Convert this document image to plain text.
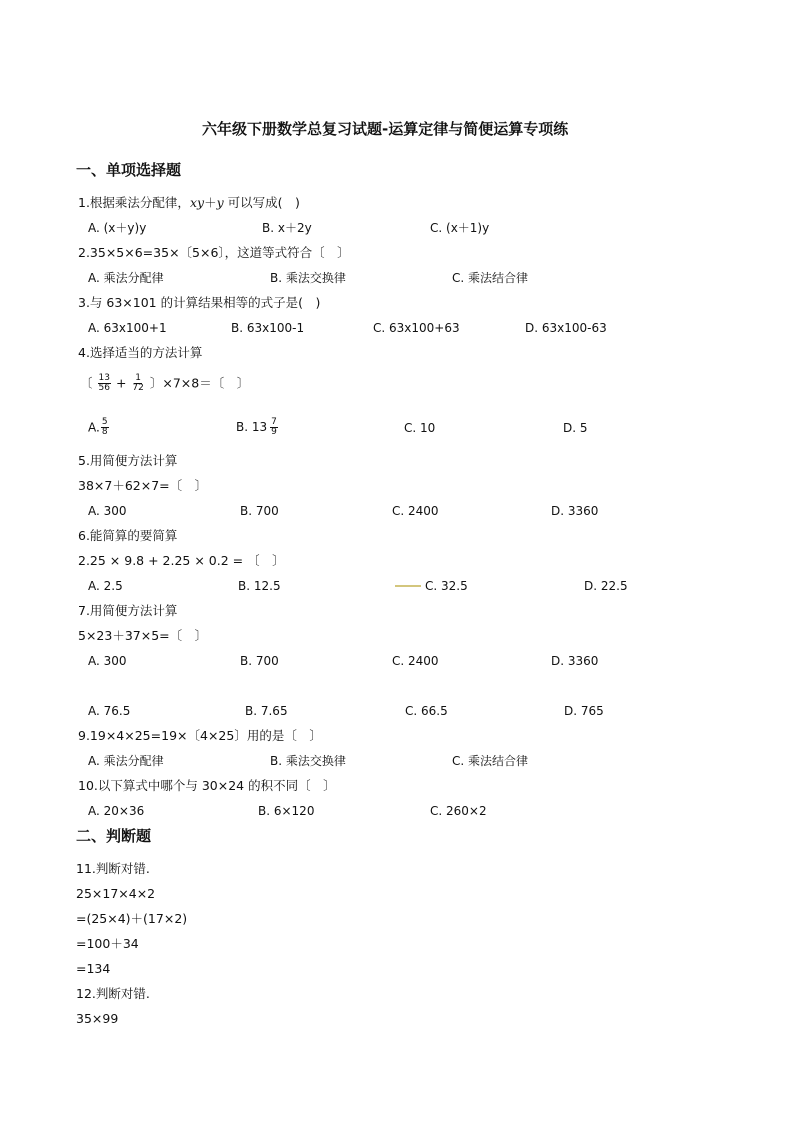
六年级下册数学总复习试题-运算定律与简便运算专项练
一、单项选择题
1.根据乘法分配律，xy＋y 可以写成(　)
A. (x＋y)y	B. x＋2y	C. (x＋1)y
2.35×5×6=35×〔5×6〕，这道等式符合〔　〕
A. 乘法分配律	B. 乘法交换律	C. 乘法结合律
3.与 63×101 的计算结果相等的式子是(　)
A. 63x100+1	B. 63x100-1	C. 63x100+63	D. 63x100-63
4.选择适当的方法计算
〔 $\frac{13}{56} + \frac{1}{72}$ 〕×7×8＝〔　〕
A. $\frac{5}{8}$	B. $13 \frac{7}{9}$	C. 10	D. 5
5.用简便方法计算
38×7＋62×7=〔　〕
A. 300	B. 700	C. 2400	D. 3360
6.能简算的要简算
2.25 × 9.8 + 2.25 × 0.2 = 〔　〕
A. 2.5	B. 12.5	C. 32.5	D. 22.5
7.用简便方法计算
5×23＋37×5=〔　〕
A. 300	B. 700	C. 2400	D. 3360
A. 76.5	B. 7.65	C. 66.5	D. 765
9.19×4×25=19×〔4×25〕用的是〔　〕
A. 乘法分配律	B. 乘法交换律	C. 乘法结合律
10.以下算式中哪个与 30×24 的积不同〔　〕
A. 20×36	B. 6×120	C. 260×2
二、判断题
11.判断对错.
25×17×4×2
=(25×4)＋(17×2)
=100＋34
=134
12.判断对错.
35×99
